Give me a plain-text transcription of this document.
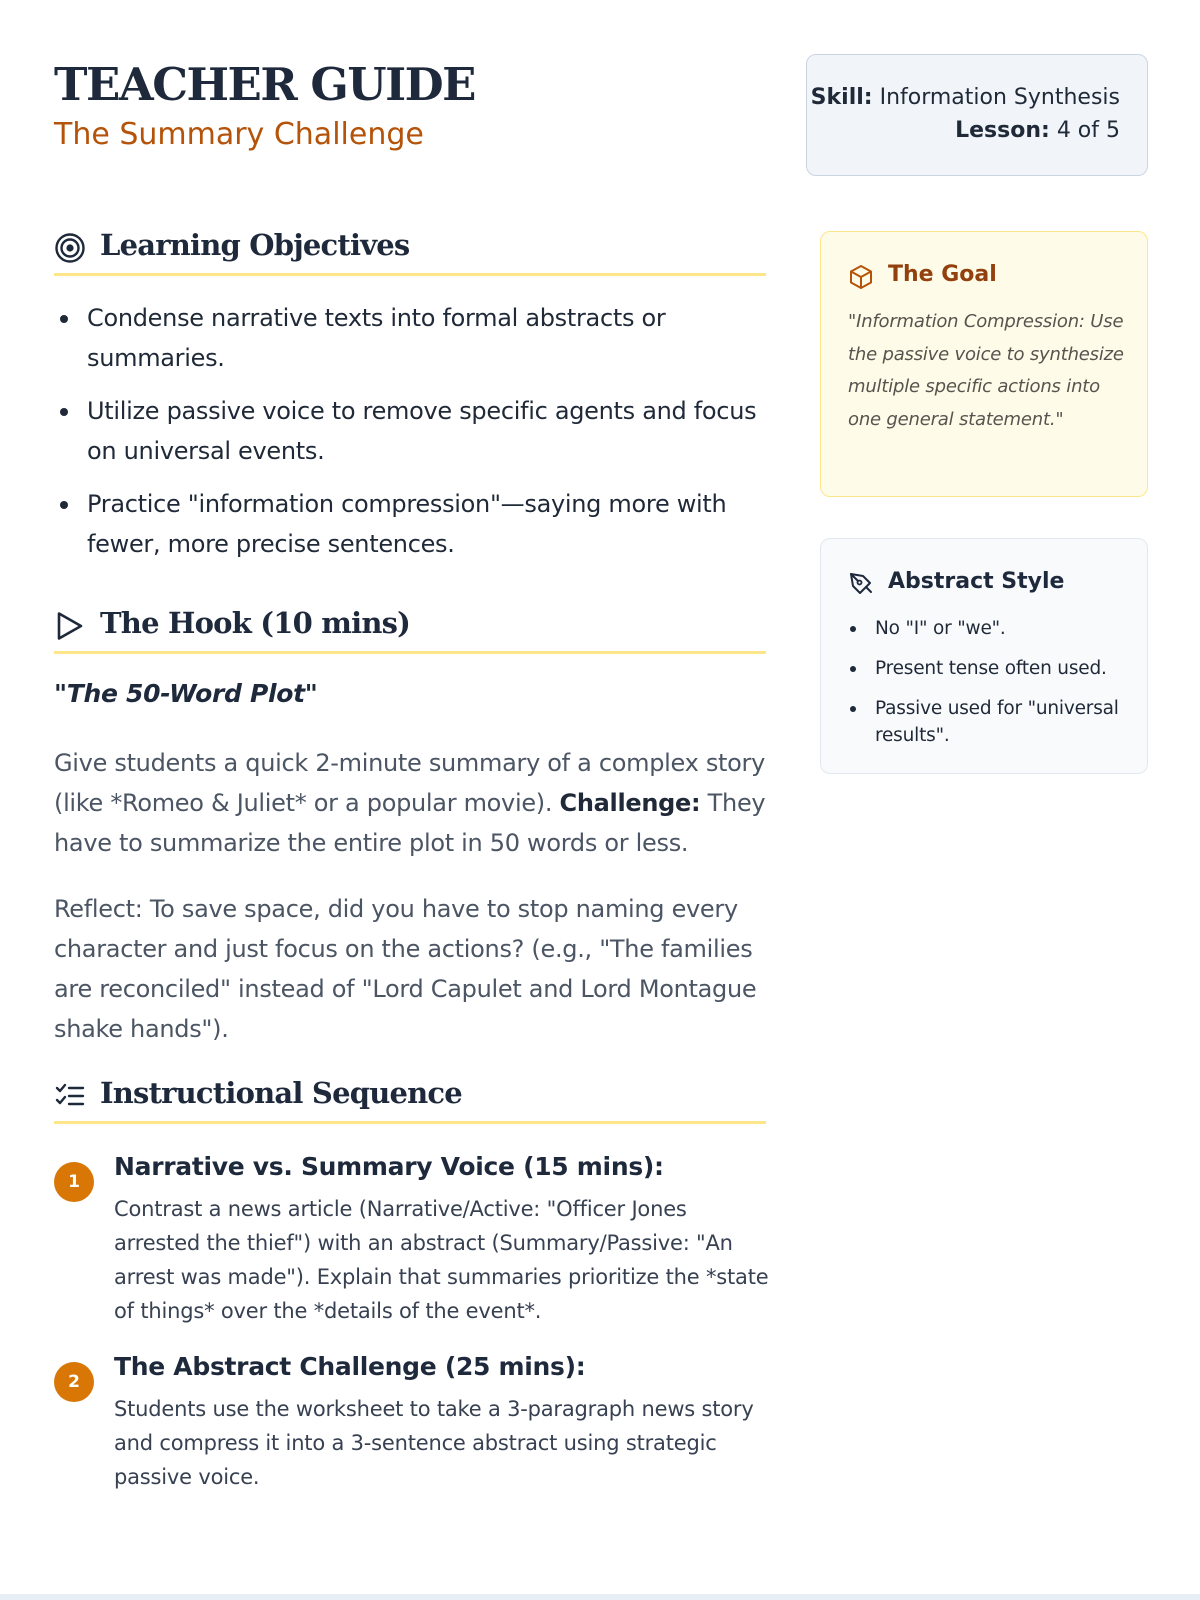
TEACHER GUIDE
The Summary Challenge
Skill: Information Synthesis
Lesson: 4 of 5
Learning Objectives
Condense narrative texts into formal abstracts or summaries.
Utilize passive voice to remove specific agents and focus on universal events.
Practice "information compression"—saying more with fewer, more precise sentences.
The Hook (10 mins)
"The 50-Word Plot"
Give students a quick 2-minute summary of a complex story (like *Romeo & Juliet* or a popular movie). Challenge: They have to summarize the entire plot in 50 words or less.
Reflect: To save space, did you have to stop naming every character and just focus on the actions? (e.g., "The families are reconciled" instead of "Lord Capulet and Lord Montague shake hands").
Instructional Sequence
1
Narrative vs. Summary Voice (15 mins):
Contrast a news article (Narrative/Active: "Officer Jones arrested the thief") with an abstract (Summary/Passive: "An arrest was made"). Explain that summaries prioritize the *state of things* over the *details of the event*.
2
The Abstract Challenge (25 mins):
Students use the worksheet to take a 3-paragraph news story and compress it into a 3-sentence abstract using strategic passive voice.
The Goal
"Information Compression: Use the passive voice to synthesize multiple specific actions into one general statement."
Abstract Style
No "I" or "we".
Present tense often used.
Passive used for "universal results".
